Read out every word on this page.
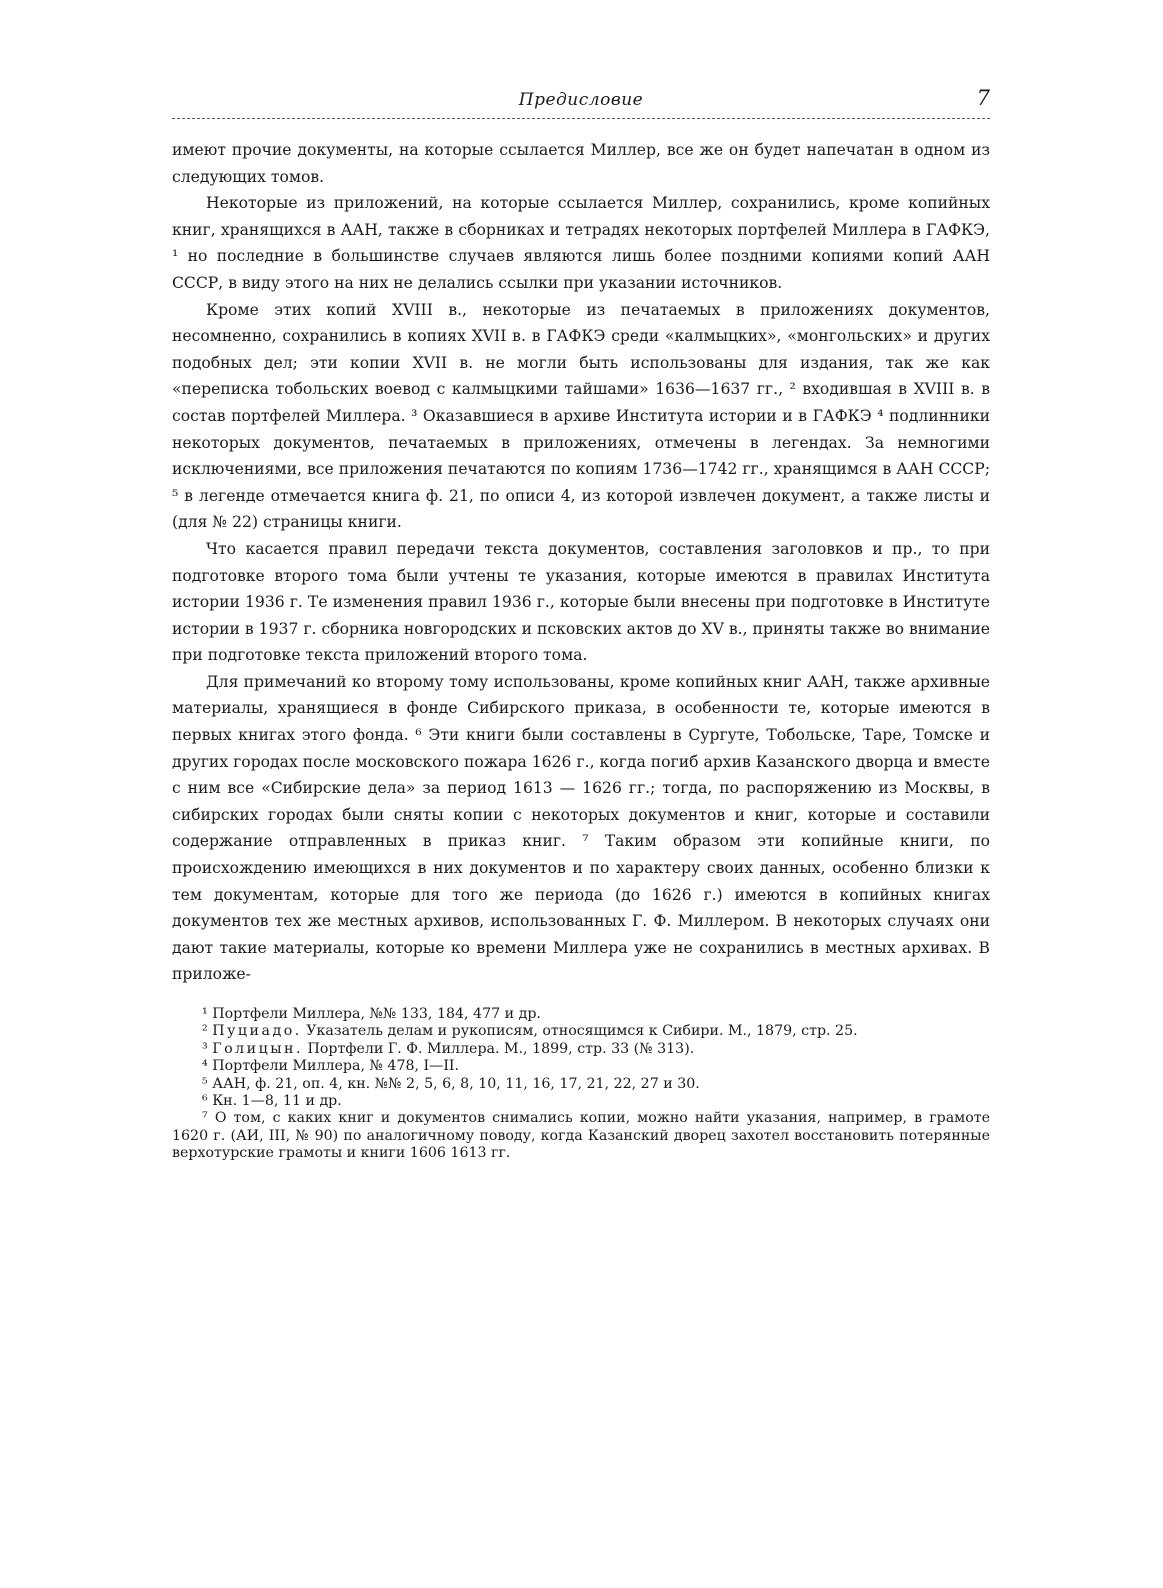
Предисловие	7

имеют прочие документы, на которые ссылается Миллер, все же он будет напечатан в одном из следующих томов.

Некоторые из приложений, на которые ссылается Миллер, сохранились, кроме копийных книг, хранящихся в ААН, также в сборниках и тетрадях некоторых портфелей Миллера в ГАФКЭ, ¹ но последние в большинстве случаев являются лишь более поздними копиями копий ААН СССР, в виду этого на них не делались ссылки при указании источников.

Кроме этих копий XVIII в., некоторые из печатаемых в приложениях документов, несомненно, сохранились в копиях XVII в. в ГАФКЭ среди «калмыцких», «монгольских» и других подобных дел; эти копии XVII в. не могли быть использованы для издания, так же как «переписка тобольских воевод с калмыцкими тайшами» 1636—1637 гг., ² входившая в XVIII в. в состав портфелей Миллера. ³ Оказавшиеся в архиве Института истории и в ГАФКЭ ⁴ подлинники некоторых документов, печатаемых в приложениях, отмечены в легендах. За немногими исключениями, все приложения печатаются по копиям 1736—1742 гг., хранящимся в ААН СССР; ⁵ в легенде отмечается книга ф. 21, по описи 4, из которой извлечен документ, а также листы и (для № 22) страницы книги.

Что касается правил передачи текста документов, составления заголовков и пр., то при подготовке второго тома были учтены те указания, которые имеются в правилах Института истории 1936 г. Те изменения правил 1936 г., которые были внесены при подготовке в Институте истории в 1937 г. сборника новгородских и псковских актов до XV в., приняты также во внимание при подготовке текста приложений второго тома.

Для примечаний ко второму тому использованы, кроме копийных книг ААН, также архивные материалы, хранящиеся в фонде Сибирского приказа, в особенности те, которые имеются в первых книгах этого фонда. ⁶ Эти книги были составлены в Сургуте, Тобольске, Таре, Томске и других городах после московского пожара 1626 г., когда погиб архив Казанского дворца и вместе с ним все «Сибирские дела» за период 1613 — 1626 гг.; тогда, по распоряжению из Москвы, в сибирских городах были сняты копии с некоторых документов и книг, которые и составили содержание отправленных в приказ книг. ⁷ Таким образом эти копийные книги, по происхождению имеющихся в них документов и по характеру своих данных, особенно близки к тем документам, которые для того же периода (до 1626 г.) имеются в копийных книгах документов тех же местных архивов, использованных Г. Ф. Миллером. В некоторых случаях они дают такие материалы, которые ко времени Миллера уже не сохранились в местных архивах. В приложе-

¹ Портфели Миллера, №№ 133, 184, 477 и др.

² Пуциадо. Указатель делам и рукописям, относящимся к Сибири. М., 1879, стр. 25.

³ Голицын. Портфели Г. Ф. Миллера. М., 1899, стр. 33 (№ 313).

⁴ Портфели Миллера, № 478, I—II.

⁵ ААН, ф. 21, оп. 4, кн. №№ 2, 5, 6, 8, 10, 11, 16, 17, 21, 22, 27 и 30.

⁶ Кн. 1—8, 11 и др.

⁷ О том, с каких книг и документов снимались копии, можно найти указания, например, в грамоте 1620 г. (АИ, III, № 90) по аналогичному поводу, когда Казанский дворец захотел восстановить потерянные верхотурские грамоты и книги 1606 1613 гг.
